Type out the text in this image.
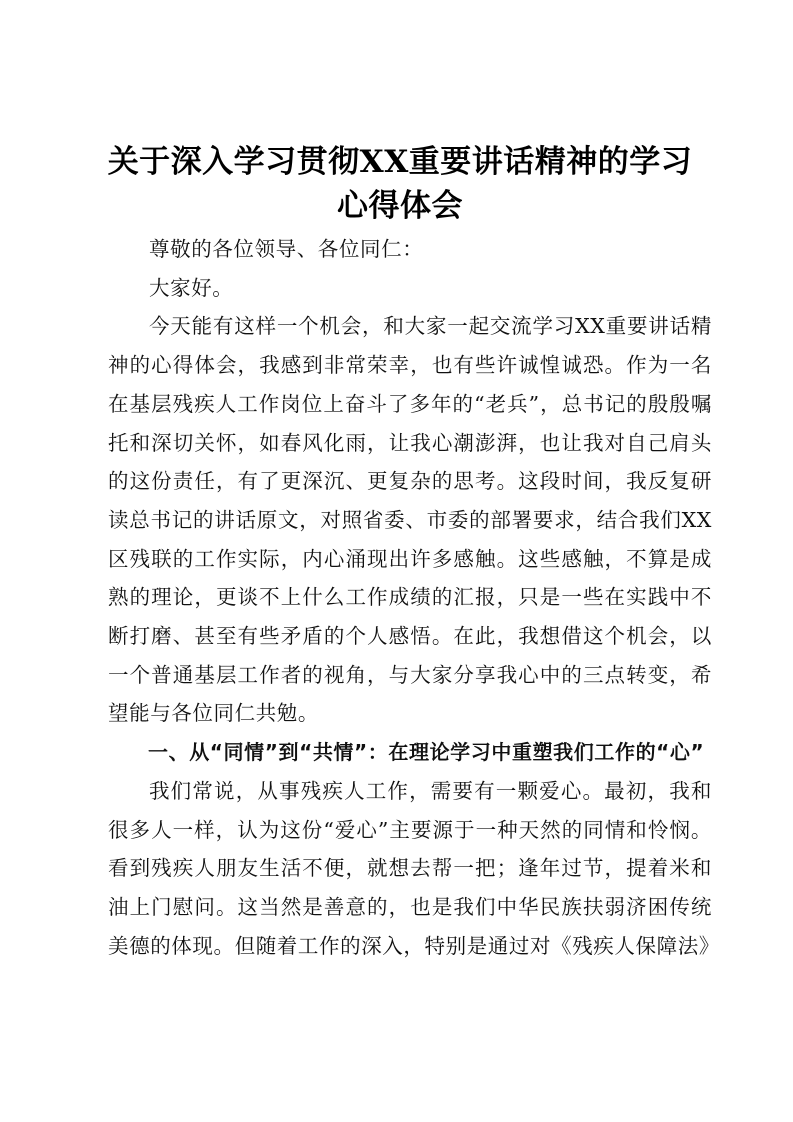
关于深入学习贯彻XX重要讲话精神的学习心得体会

尊敬的各位领导、各位同仁：

大家好。

今天能有这样一个机会，和大家一起交流学习XX重要讲话精神的心得体会，我感到非常荣幸，也有些许诚惶诚恐。作为一名在基层残疾人工作岗位上奋斗了多年的“老兵”，总书记的殷殷嘱托和深切关怀，如春风化雨，让我心潮澎湃，也让我对自己肩头的这份责任，有了更深沉、更复杂的思考。这段时间，我反复研读总书记的讲话原文，对照省委、市委的部署要求，结合我们XX区残联的工作实际，内心涌现出许多感触。这些感触，不算是成熟的理论，更谈不上什么工作成绩的汇报，只是一些在实践中不断打磨、甚至有些矛盾的个人感悟。在此，我想借这个机会，以一个普通基层工作者的视角，与大家分享我心中的三点转变，希望能与各位同仁共勉。

一、从“同情”到“共情”：在理论学习中重塑我们工作的“心”

我们常说，从事残疾人工作，需要有一颗爱心。最初，我和很多人一样，认为这份“爱心”主要源于一种天然的同情和怜悯。看到残疾人朋友生活不便，就想去帮一把；逢年过节，提着米和油上门慰问。这当然是善意的，也是我们中华民族扶弱济困传统美德的体现。但随着工作的深入，特别是通过对《残疾人保障法》
